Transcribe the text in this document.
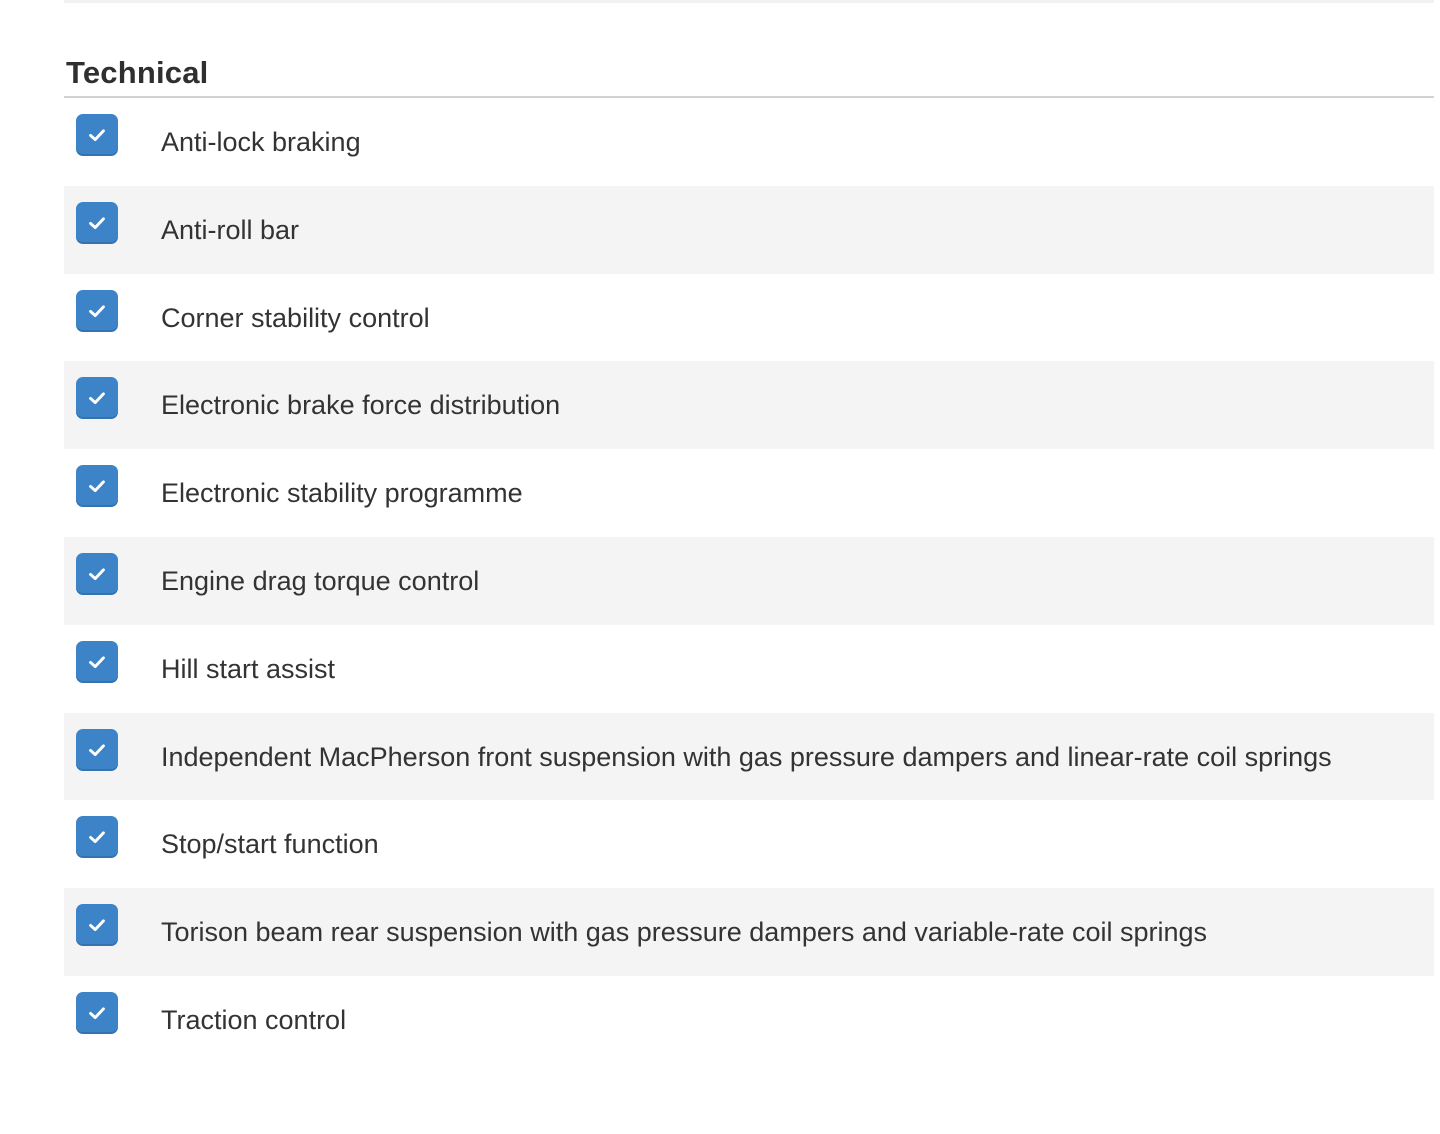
Technical
Anti-lock braking
Anti-roll bar
Corner stability control
Electronic brake force distribution
Electronic stability programme
Engine drag torque control
Hill start assist
Independent MacPherson front suspension with gas pressure dampers and linear-rate coil springs
Stop/start function
Torison beam rear suspension with gas pressure dampers and variable-rate coil springs
Traction control
